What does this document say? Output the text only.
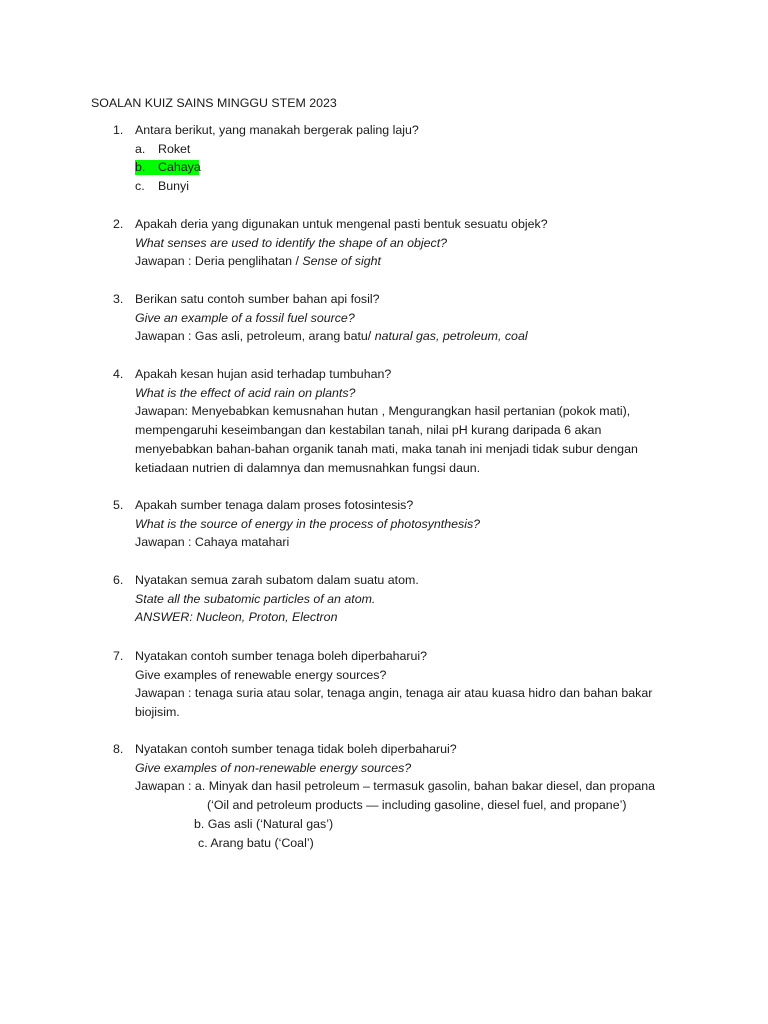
SOALAN KUIZ SAINS MINGGU STEM 2023
1. Antara berikut, yang manakah bergerak paling laju?
a. Roket
b. Cahaya
c. Bunyi
2. Apakah deria yang digunakan untuk mengenal pasti bentuk sesuatu objek?
What senses are used to identify the shape of an object?
Jawapan : Deria penglihatan / Sense of sight
3. Berikan satu contoh sumber bahan api fosil?
Give an example of a fossil fuel source?
Jawapan : Gas asli, petroleum, arang batu/ natural gas, petroleum, coal
4. Apakah kesan hujan asid terhadap tumbuhan?
What is the effect of acid rain on plants?
Jawapan: Menyebabkan kemusnahan hutan , Mengurangkan hasil pertanian (pokok mati),
mempengaruhi keseimbangan dan kestabilan tanah, nilai pH kurang daripada 6 akan
menyebabkan bahan-bahan organik tanah mati, maka tanah ini menjadi tidak subur dengan
ketiadaan nutrien di dalamnya dan memusnahkan fungsi daun.
5. Apakah sumber tenaga dalam proses fotosintesis?
What is the source of energy in the process of photosynthesis?
Jawapan : Cahaya matahari
6. Nyatakan semua zarah subatom dalam suatu atom.
State all the subatomic particles of an atom.
ANSWER: Nucleon, Proton, Electron
7. Nyatakan contoh sumber tenaga boleh diperbaharui?
Give examples of renewable energy sources?
Jawapan : tenaga suria atau solar, tenaga angin, tenaga air atau kuasa hidro dan bahan bakar
biojisim.
8. Nyatakan contoh sumber tenaga tidak boleh diperbaharui?
Give examples of non-renewable energy sources?
Jawapan : a. Minyak dan hasil petroleum – termasuk gasolin, bahan bakar diesel, dan propana
(‘Oil and petroleum products — including gasoline, diesel fuel, and propane’)
b. Gas asli (‘Natural gas’)
c. Arang batu (‘Coal’)
